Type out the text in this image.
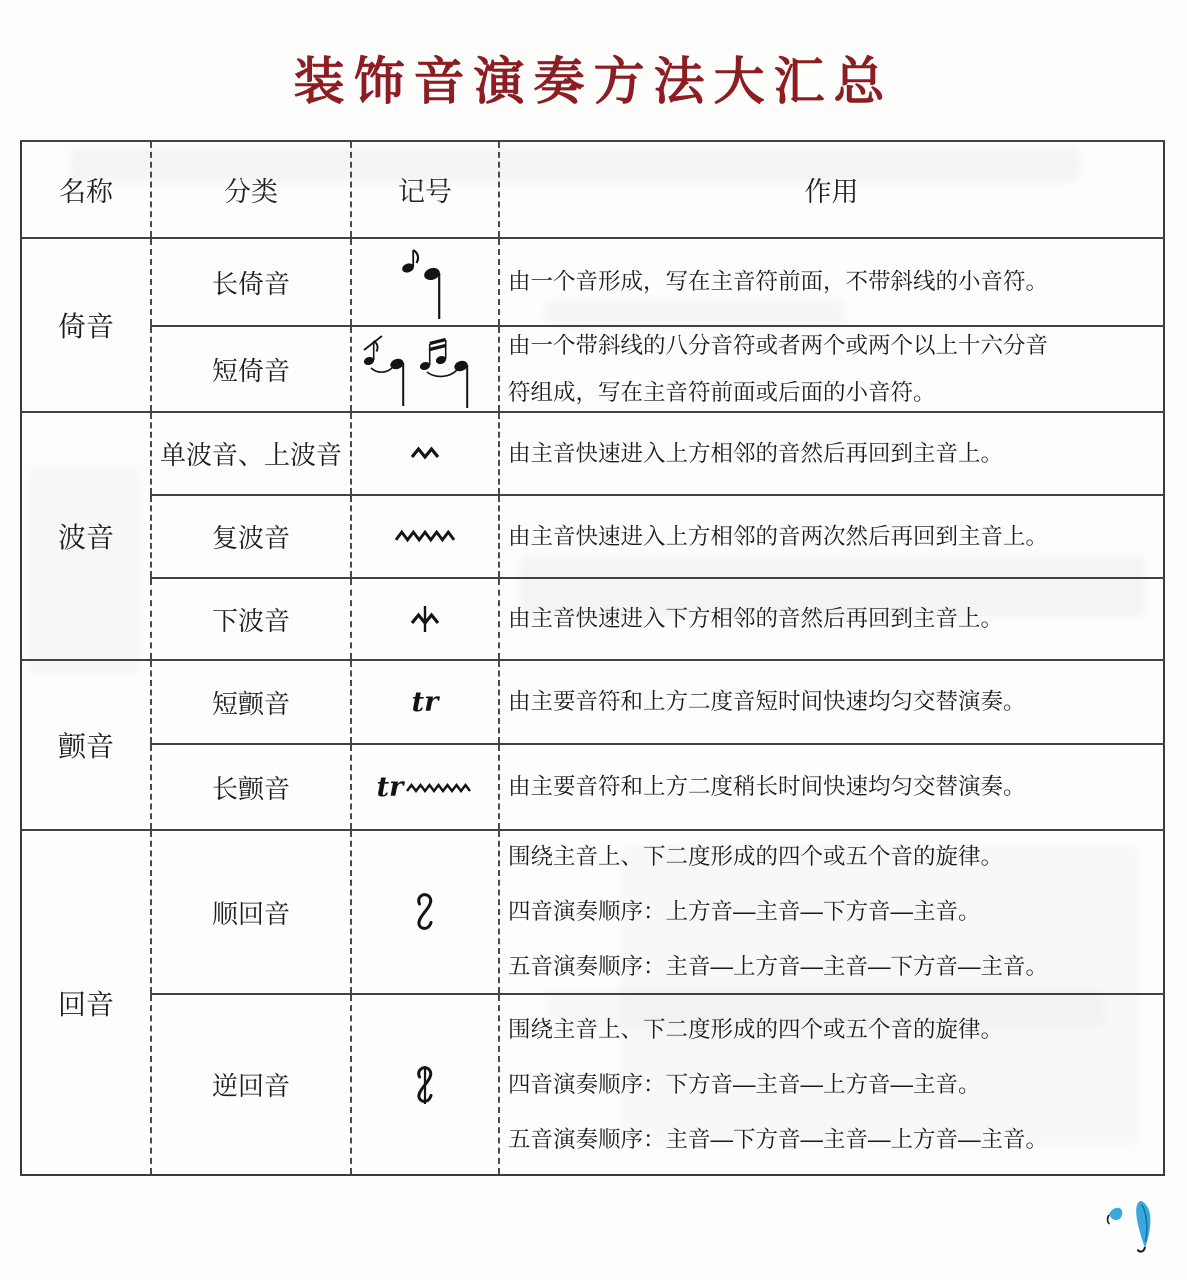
装饰音演奏方法大汇总
名称	分类	记号	作用
倚音	长倚音		由一个音形成，写在主音符前面，不带斜线的小音符。

	短倚音		由一个带斜线的八分音符或者两个或两个以上十六分音
符组成，写在主音符前面或后面的小音符。

波音	单波音、上波音		由主音快速进入上方相邻的音然后再回到主音上。

	复波音		由主音快速进入上方相邻的音两次然后再回到主音上。

	下波音		由主音快速进入下方相邻的音然后再回到主音上。

颤音	短颤音	tr	由主要音符和上方二度音短时间快速均匀交替演奏。

	长颤音	tr	由主要音符和上方二度稍长时间快速均匀交替演奏。

回音	顺回音		围绕主音上、下二度形成的四个或五个音的旋律。
四音演奏顺序：上方音—主音—下方音—主音。
五音演奏顺序：主音—上方音—主音—下方音—主音。

	逆回音		围绕主音上、下二度形成的四个或五个音的旋律。
四音演奏顺序：下方音—主音—上方音—主音。
五音演奏顺序：主音—下方音—主音—上方音—主音。
